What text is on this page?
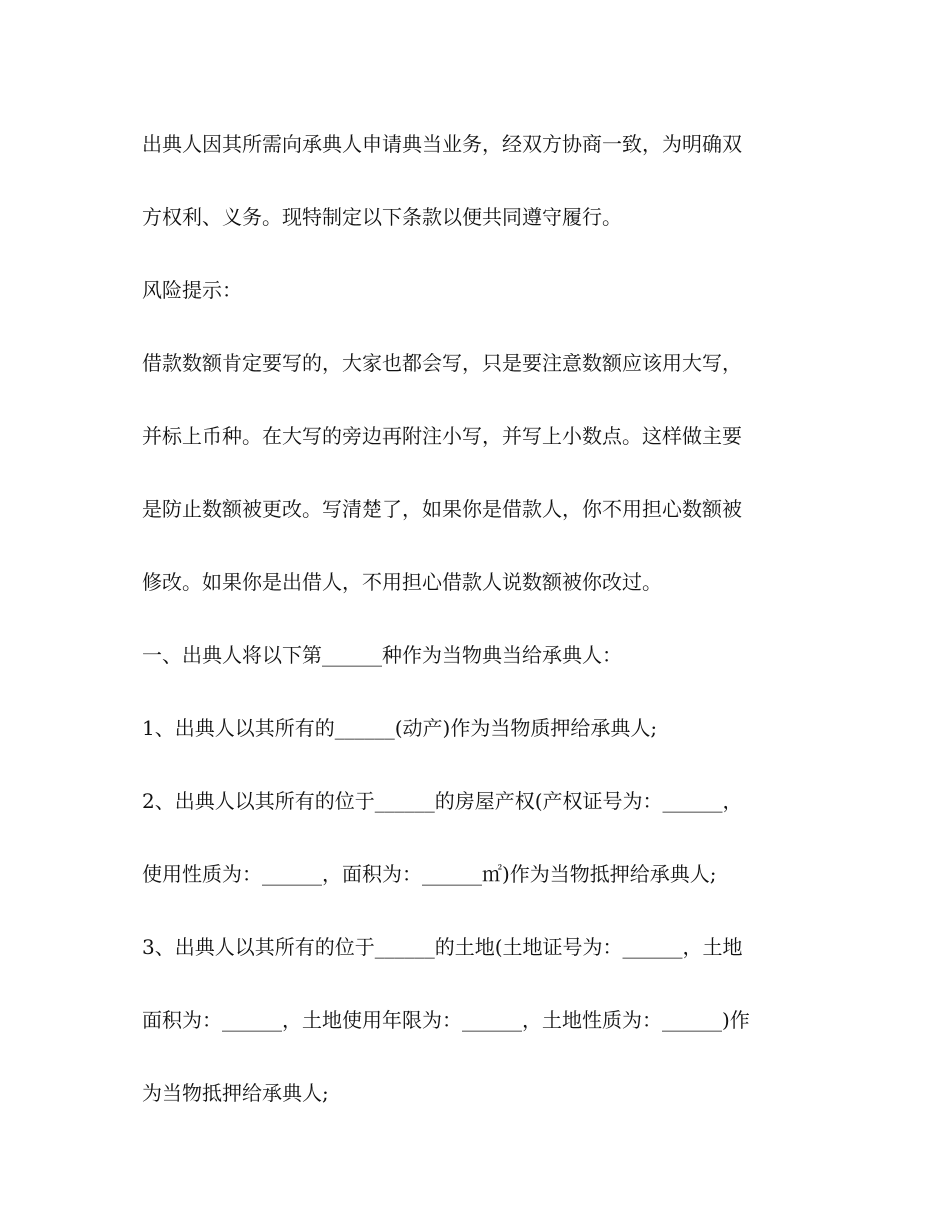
出典人因其所需向承典人申请典当业务，经双方协商一致，为明确双
方权利、义务。现特制定以下条款以便共同遵守履行。
风险提示：
借款数额肯定要写的，大家也都会写，只是要注意数额应该用大写，
并标上币种。在大写的旁边再附注小写，并写上小数点。这样做主要
是防止数额被更改。写清楚了，如果你是借款人，你不用担心数额被
修改。如果你是出借人，不用担心借款人说数额被你改过。
一、出典人将以下第______种作为当物典当给承典人：
1、出典人以其所有的______(动产)作为当物质押给承典人;
2、出典人以其所有的位于______的房屋产权(产权证号为：______，
使用性质为：______，面积为：______㎡)作为当物抵押给承典人;
3、出典人以其所有的位于______的土地(土地证号为：______，土地
面积为：______，土地使用年限为：______，土地性质为：______)作
为当物抵押给承典人;
